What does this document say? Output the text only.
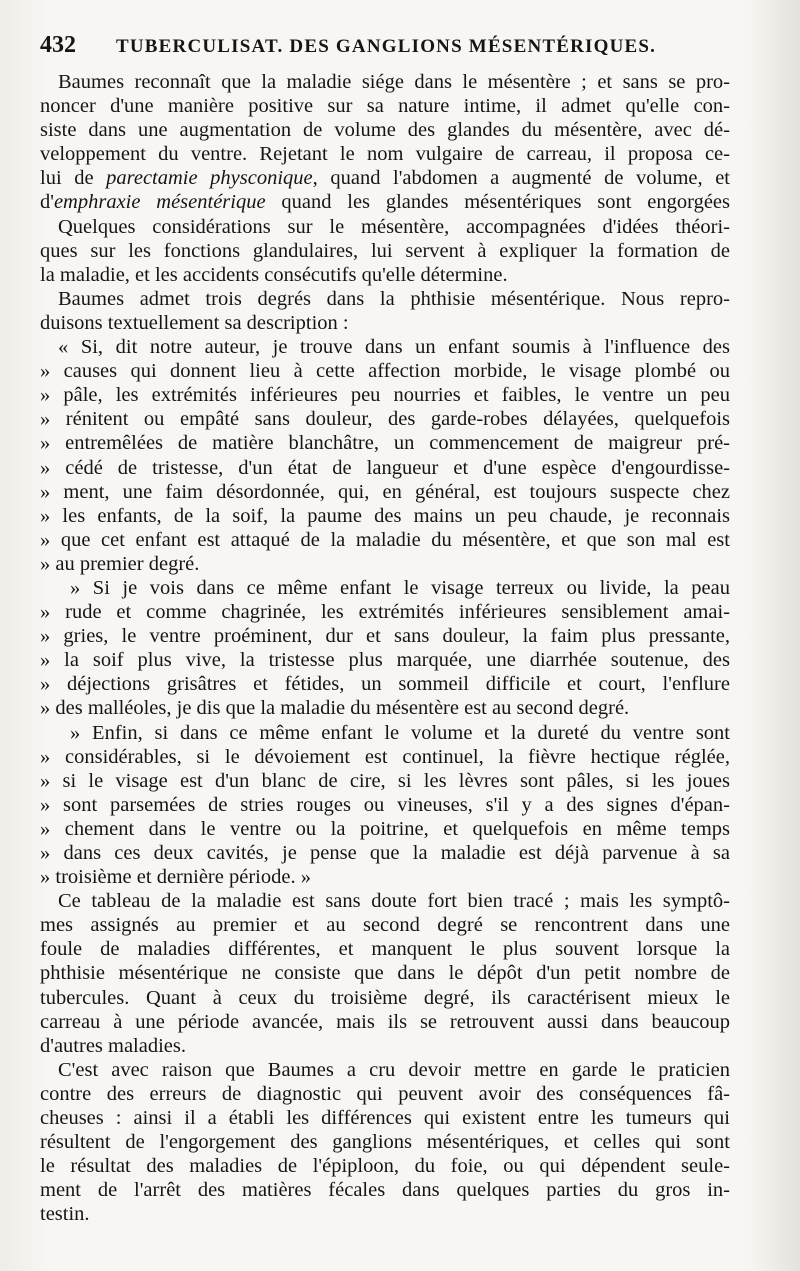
432 TUBERCULISAT. DES GANGLIONS MÉSENTÉRIQUES.
Baumes reconnaît que la maladie siége dans le mésentère ; et sans se pro-
noncer d'une manière positive sur sa nature intime, il admet qu'elle con-
siste dans une augmentation de volume des glandes du mésentère, avec dé-
veloppement du ventre. Rejetant le nom vulgaire de carreau, il proposa ce-
lui de parectamie physconique, quand l'abdomen a augmenté de volume, et
d'emphraxie mésentérique quand les glandes mésentériques sont engorgées
Quelques considérations sur le mésentère, accompagnées d'idées théori-
ques sur les fonctions glandulaires, lui servent à expliquer la formation de
la maladie, et les accidents consécutifs qu'elle détermine.
Baumes admet trois degrés dans la phthisie mésentérique. Nous repro-
duisons textuellement sa description :
« Si, dit notre auteur, je trouve dans un enfant soumis à l'influence des
» causes qui donnent lieu à cette affection morbide, le visage plombé ou
» pâle, les extrémités inférieures peu nourries et faibles, le ventre un peu
» rénitent ou empâté sans douleur, des garde-robes délayées, quelquefois
» entremêlées de matière blanchâtre, un commencement de maigreur pré-
» cédé de tristesse, d'un état de langueur et d'une espèce d'engourdisse-
» ment, une faim désordonnée, qui, en général, est toujours suspecte chez
» les enfants, de la soif, la paume des mains un peu chaude, je reconnais
» que cet enfant est attaqué de la maladie du mésentère, et que son mal est
» au premier degré.
» Si je vois dans ce même enfant le visage terreux ou livide, la peau
» rude et comme chagrinée, les extrémités inférieures sensiblement amai-
» gries, le ventre proéminent, dur et sans douleur, la faim plus pressante,
» la soif plus vive, la tristesse plus marquée, une diarrhée soutenue, des
» déjections grisâtres et fétides, un sommeil difficile et court, l'enflure
» des malléoles, je dis que la maladie du mésentère est au second degré.
» Enfin, si dans ce même enfant le volume et la dureté du ventre sont
» considérables, si le dévoiement est continuel, la fièvre hectique réglée,
» si le visage est d'un blanc de cire, si les lèvres sont pâles, si les joues
» sont parsemées de stries rouges ou vineuses, s'il y a des signes d'épan-
» chement dans le ventre ou la poitrine, et quelquefois en même temps
» dans ces deux cavités, je pense que la maladie est déjà parvenue à sa
» troisième et dernière période. »
Ce tableau de la maladie est sans doute fort bien tracé ; mais les symptô-
mes assignés au premier et au second degré se rencontrent dans une
foule de maladies différentes, et manquent le plus souvent lorsque la
phthisie mésentérique ne consiste que dans le dépôt d'un petit nombre de
tubercules. Quant à ceux du troisième degré, ils caractérisent mieux le
carreau à une période avancée, mais ils se retrouvent aussi dans beaucoup
d'autres maladies.
C'est avec raison que Baumes a cru devoir mettre en garde le praticien
contre des erreurs de diagnostic qui peuvent avoir des conséquences fâ-
cheuses : ainsi il a établi les différences qui existent entre les tumeurs qui
résultent de l'engorgement des ganglions mésentériques, et celles qui sont
le résultat des maladies de l'épiploon, du foie, ou qui dépendent seule-
ment de l'arrêt des matières fécales dans quelques parties du gros in-
testin.
